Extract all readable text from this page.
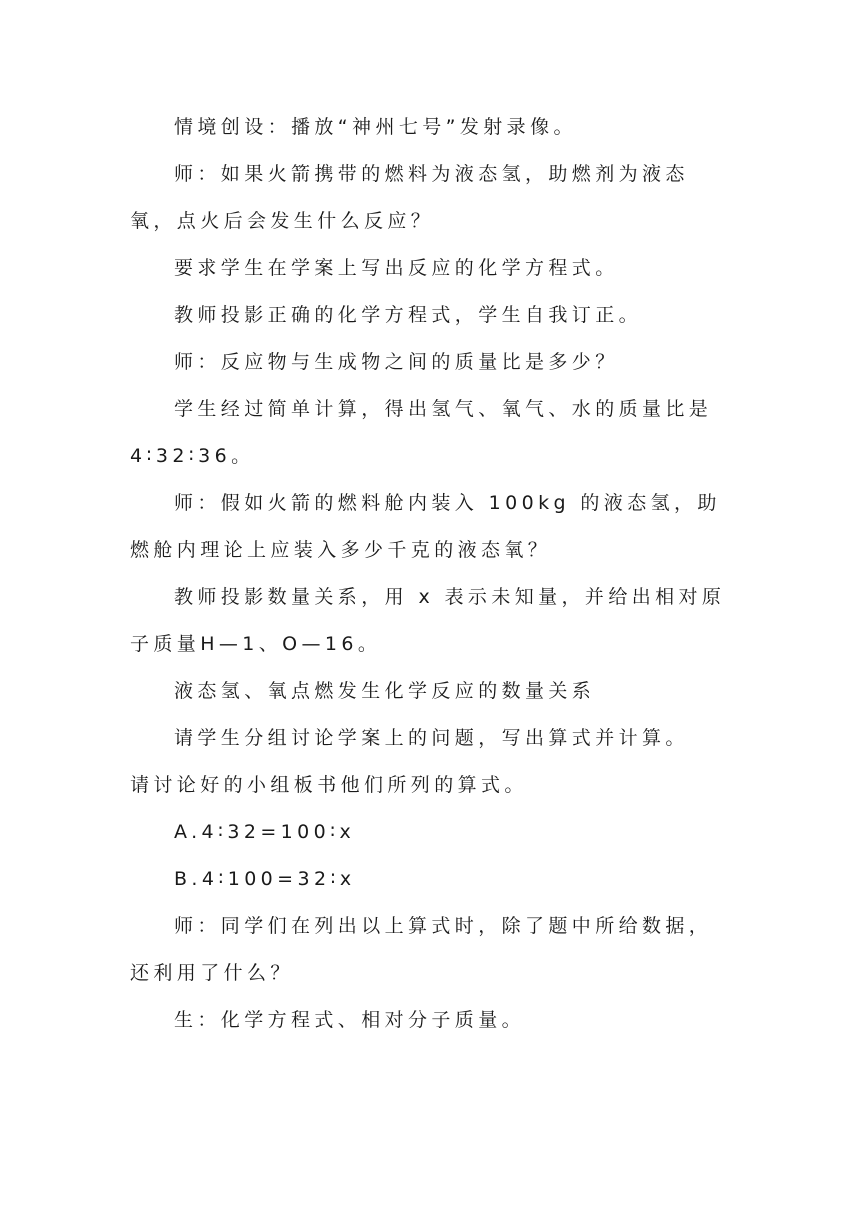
情境创设：播放“神州七号”发射录像。

师：如果火箭携带的燃料为液态氢，助燃剂为液态氧，点火后会发生什么反应？

要求学生在学案上写出反应的化学方程式。

教师投影正确的化学方程式，学生自我订正。

师：反应物与生成物之间的质量比是多少？

学生经过简单计算，得出氢气、氧气、水的质量比是 4∶32∶36。

师：假如火箭的燃料舱内装入 100kg 的液态氢，助燃舱内理论上应装入多少千克的液态氧？

教师投影数量关系，用 x 表示未知量，并给出相对原子质量H—1、O—16。

液态氢、氧点燃发生化学反应的数量关系

请学生分组讨论学案上的问题，写出算式并计算。      请讨论好的小组板书他们所列的算式。

A.4∶32=100∶x

B.4∶100=32∶x

师：同学们在列出以上算式时，除了题中所给数据，还利用了什么？

生：化学方程式、相对分子质量。
